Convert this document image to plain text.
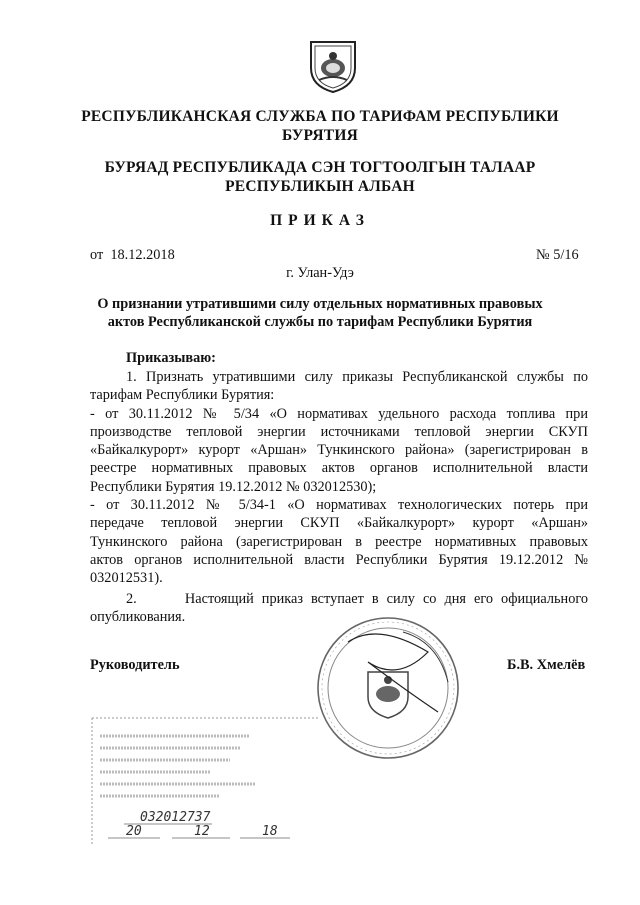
РЕСПУБЛИКАНСКАЯ СЛУЖБА ПО ТАРИФАМ РЕСПУБЛИКИ
БУРЯТИЯ
БУРЯАД РЕСПУБЛИКАДА СЭН ТОГТООЛГЫН ТАЛААР
РЕСПУБЛИКЫН АЛБАН
ПРИКАЗ
от 18.12.2018	№ 5/16
г. Улан-Удэ
О признании утратившими силу отдельных нормативных правовых
актов Республиканской службы по тарифам Республики Бурятия
Приказываю:
1. Признать утратившими силу приказы Республиканской службы по
тарифам Республики Бурятия:
- от 30.11.2012 № 5/34 «О нормативах удельного расхода топлива при
производстве тепловой энергии источниками тепловой энергии СКУП
«Байкалкурорт» курорт «Аршан» Тункинского района» (зарегистрирован в
реестре нормативных правовых актов органов исполнительной власти
Республики Бурятия 19.12.2012 № 032012530);
- от 30.11.2012 № 5/34-1 «О нормативах технологических потерь при
передаче тепловой энергии СКУП «Байкалкурорт» курорт «Аршан»
Тункинского района (зарегистрирован в реестре нормативных правовых
актов органов исполнительной власти Республики Бурятия 19.12.2012 №
032012531).
2.      Настоящий приказ вступает в силу со дня его официального
опубликования.
Руководитель	Б.В. Хмелёв
032012737
20	12	18
